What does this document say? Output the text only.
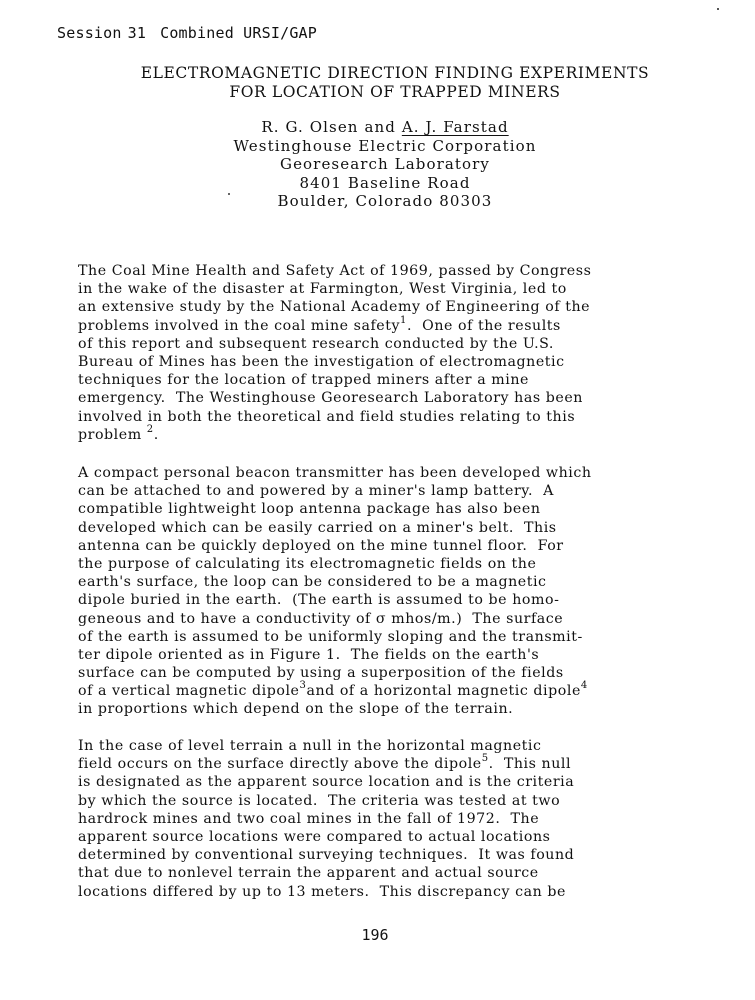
Session 31 Combined URSI/GAP
ELECTROMAGNETIC DIRECTION FINDING EXPERIMENTS
FOR LOCATION OF TRAPPED MINERS
R. G. Olsen and A. J. Farstad
Westinghouse Electric Corporation
Georesearch Laboratory
8401 Baseline Road
Boulder, Colorado 80303
The Coal Mine Health and Safety Act of 1969, passed by Congress
in the wake of the disaster at Farmington, West Virginia, led to
an extensive study by the National Academy of Engineering of the
problems involved in the coal mine safety$^1$.  One of the results
of this report and subsequent research conducted by the U.S.
Bureau of Mines has been the investigation of electromagnetic
techniques for the location of trapped miners after a mine
emergency.  The Westinghouse Georesearch Laboratory has been
involved in both the theoretical and field studies relating to this
problem $^2$.
A compact personal beacon transmitter has been developed which
can be attached to and powered by a miner's lamp battery.  A
compatible lightweight loop antenna package has also been
developed which can be easily carried on a miner's belt.  This
antenna can be quickly deployed on the mine tunnel floor.  For
the purpose of calculating its electromagnetic fields on the
earth's surface, the loop can be considered to be a magnetic
dipole buried in the earth.  (The earth is assumed to be homo-
geneous and to have a conductivity of σ mhos/m.)  The surface
of the earth is assumed to be uniformly sloping and the transmit-
ter dipole oriented as in Figure 1.  The fields on the earth's
surface can be computed by using a superposition of the fields
of a vertical magnetic dipole$^3$and of a horizontal magnetic dipole$^4$
in proportions which depend on the slope of the terrain.
In the case of level terrain a null in the horizontal magnetic
field occurs on the surface directly above the dipole$^5$.  This null
is designated as the apparent source location and is the criteria
by which the source is located.  The criteria was tested at two
hardrock mines and two coal mines in the fall of 1972.  The
apparent source locations were compared to actual locations
determined by conventional surveying techniques.  It was found
that due to nonlevel terrain the apparent and actual source
locations differed by up to 13 meters.  This discrepancy can be
196
